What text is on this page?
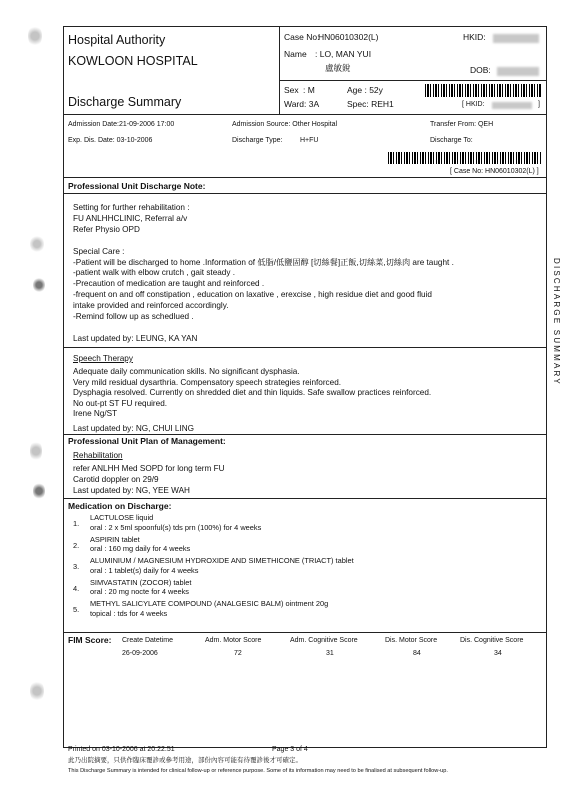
Hospital Authority
KOWLOON HOSPITAL
Discharge Summary
Case No:
HN06010302(L)	HKID:
Name : LO, MAN YUI
盧敏銳	DOB:
Sex : M	Age : 52y
Ward: 3A	Spec: REH1	[ HKID:	]
Admission Date:21-09-2006 17:00	Admission Source: Other Hospital	Transfer From: QEH
Exp. Dis. Date: 03-10-2006	Discharge Type:	H+FU	Discharge To:
[ Case No: HN06010302(L) ]
Professional Unit Discharge Note:
Setting for further rehabilitation :
FU ANLHHCLINIC, Referral a/v
Refer Physio OPD
Special Care :
-Patient will be discharged to home .Information of 低脂/低鹽固醇 [切絲餐]正飯,切絲菜,切絲肉 are taught .
-patient walk with elbow crutch , gait steady .
-Precaution of medication are taught and reinforced .
-frequent on and off constipation , education on laxative , erexcise , high residue diet and good fluid
intake provided and reinforced accordingly.
-Remind follow up as schedlued .
Last updated by: LEUNG, KA YAN
Speech Therapy
Adequate daily communication skills. No significant dysphasia.
Very mild residual dysarthria. Compensatory speech strategies reinforced.
Dysphagia resolved. Currently on shredded diet and thin liquids. Safe swallow practices reinforced.
No out-pt ST FU required.
Irene Ng/ST
Last updated by: NG, CHUI LING
Professional Unit Plan of Management:
Rehabilitation
refer ANLHH Med SOPD for long term FU
Carotid doppler on 29/9
Last updated by: NG, YEE WAH
Medication on Discharge:
1.
LACTULOSE liquid
oral : 2 x 5ml spoonful(s) tds prn (100%) for 4 weeks
2.
ASPIRIN tablet
oral : 160 mg daily for 4 weeks
3.
ALUMINIUM / MAGNESIUM HYDROXIDE AND SIMETHICONE (TRIACT) tablet
oral : 1 tablet(s) daily for 4 weeks
4.
SIMVASTATIN (ZOCOR) tablet
oral : 20 mg nocte for 4 weeks
5.
METHYL SALICYLATE COMPOUND (ANALGESIC BALM) ointment 20g
topical : tds for 4 weeks
FIM Score: Create Datetime	Adm. Motor Score	Adm. Cognitive Score	Dis. Motor Score	Dis. Cognitive Score
26-09-2006	72	31	84	34
Printed on 03-10-2006 at 20:22:51	Page 3 of 4
此乃出院摘要，只供作臨床覆診或參考用途，部份內容可能有待覆診後才可確定。
This Discharge Summary is intended for clinical follow-up or reference purpose. Some of its information may need to be finalised at subsequent follow-up.
DISCHARGE SUMMARY
